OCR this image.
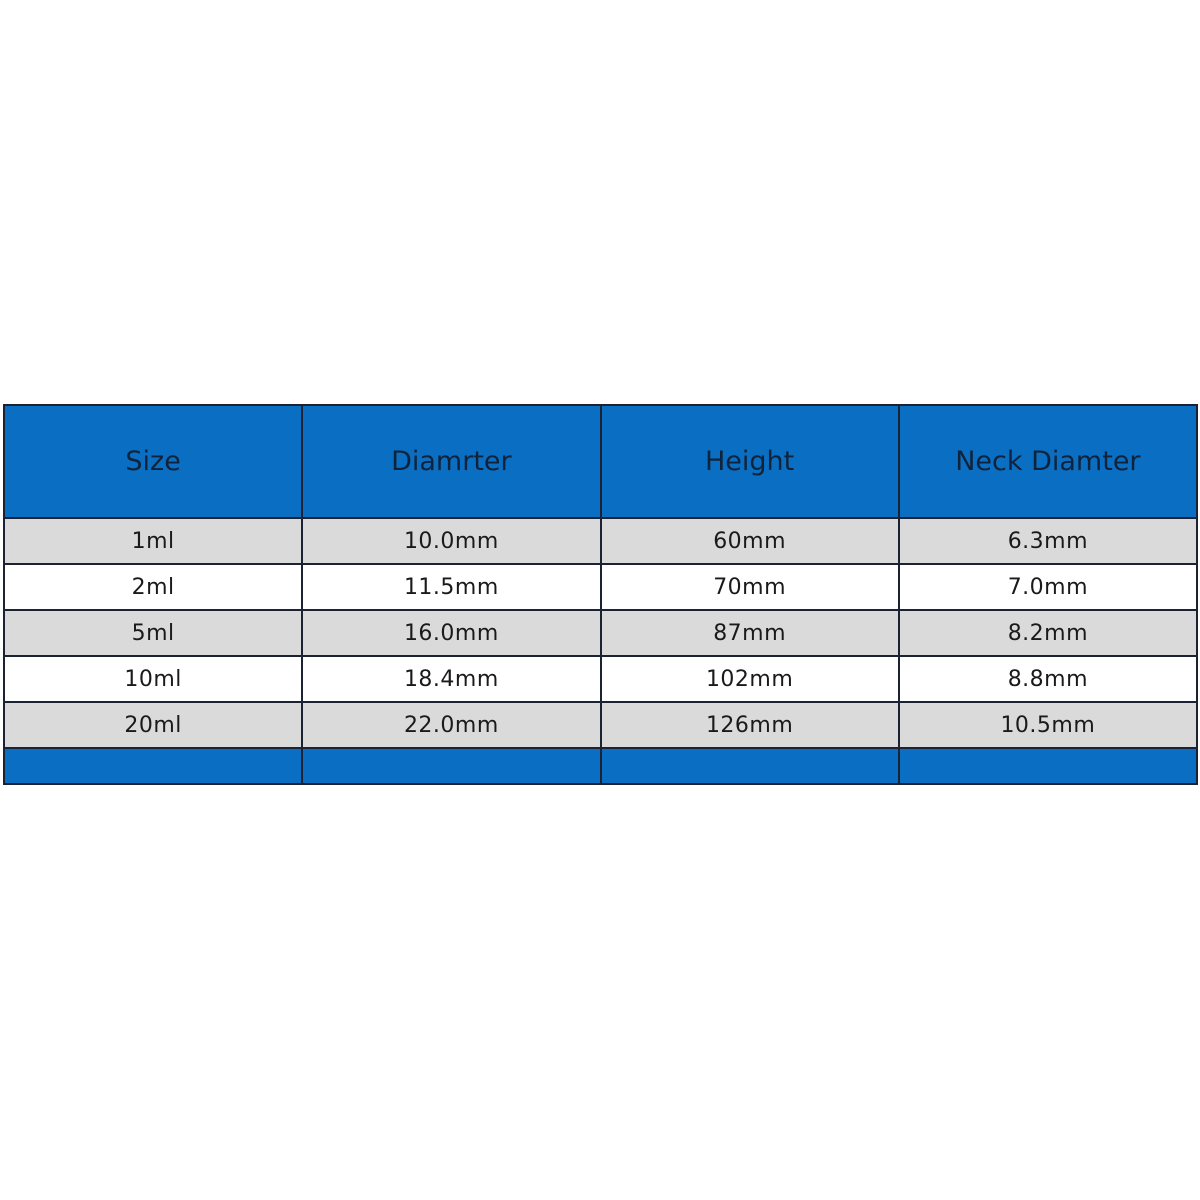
Size	Diamrter	Height	Neck Diamter
1ml	10.0mm	60mm	6.3mm
2ml	11.5mm	70mm	7.0mm
5ml	16.0mm	87mm	8.2mm
10ml	18.4mm	102mm	8.8mm
20ml	22.0mm	126mm	10.5mm
